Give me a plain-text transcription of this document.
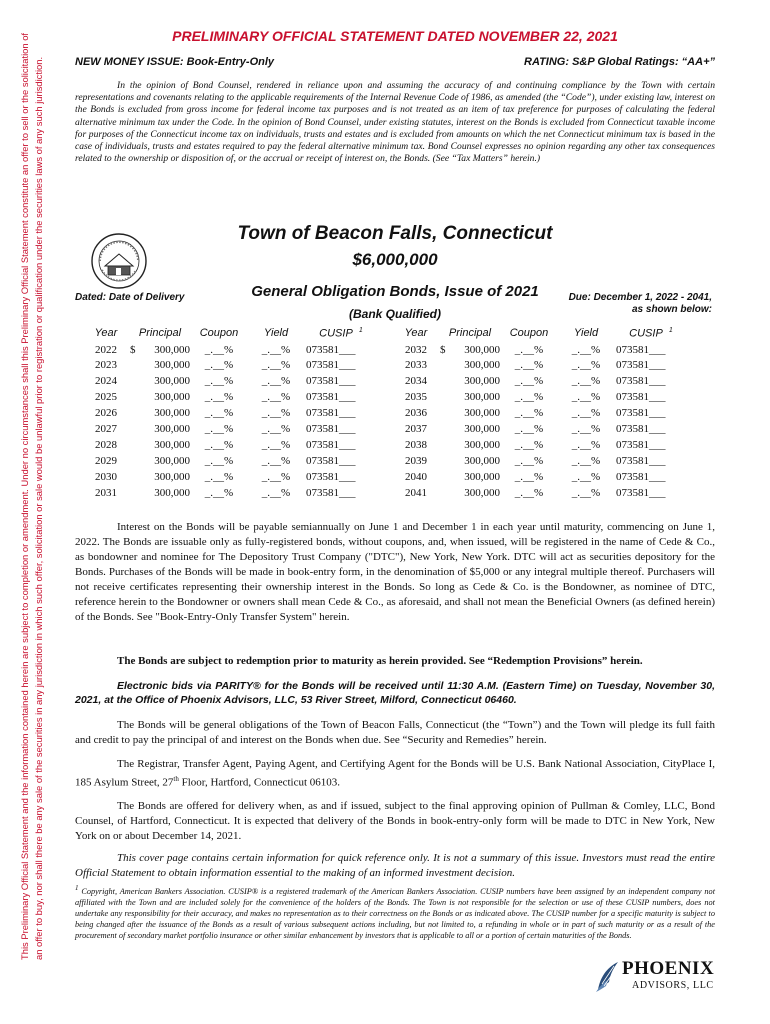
This Preliminary Official Statement and the information contained herein are subject to completion or amendment. Under no circumstances shall this Preliminary Official Statement constitute an offer to sell or the solicitation of an offer to buy, nor shall there be any sale of the securities in any jurisdiction in which such offer, solicitation or sale would be unlawful prior to registration or qualification under the securities laws of any such jurisdiction.
PRELIMINARY OFFICIAL STATEMENT DATED NOVEMBER 22, 2021
NEW MONEY ISSUE: Book-Entry-Only	RATING: S&P Global Ratings: “AA+”
In the opinion of Bond Counsel, rendered in reliance upon and assuming the accuracy of and continuing compliance by the Town with certain representations and covenants relating to the applicable requirements of the Internal Revenue Code of 1986, as amended (the “Code”), under existing law, interest on the Bonds is excluded from gross income for federal income tax purposes and is not treated as an item of tax preference for purposes of calculating the federal alternative minimum tax under the Code. In the opinion of Bond Counsel, under existing statutes, interest on the Bonds is excluded from Connecticut taxable income for purposes of the Connecticut income tax on individuals, trusts and estates and is excluded from amounts on which the net Connecticut minimum tax is based in the case of individuals, trusts and estates required to pay the federal alternative minimum tax. Bond Counsel expresses no opinion regarding any other tax consequences related to the ownership or disposition of, or the accrual or receipt of interest on, the Bonds. (See “Tax Matters” herein.)
Town of Beacon Falls, Connecticut
$6,000,000
General Obligation Bonds, Issue of 2021
(Bank Qualified)
Dated: Date of Delivery	Due: December 1, 2022 - 2041,
as shown below:
Year	Principal		Coupon	Yield	CUSIP $^1$
2022	$	300,000	_.__%	_.__%	073581___
2023		300,000	_.__%	_.__%	073581___
2024		300,000	_.__%	_.__%	073581___
2025		300,000	_.__%	_.__%	073581___
2026		300,000	_.__%	_.__%	073581___
2027		300,000	_.__%	_.__%	073581___
2028		300,000	_.__%	_.__%	073581___
2029		300,000	_.__%	_.__%	073581___
2030		300,000	_.__%	_.__%	073581___
2031		300,000	_.__%	_.__%	073581___
Year	Principal		Coupon	Yield	CUSIP $^1$
2032	$	300,000	_.__%	_.__%	073581___
2033		300,000	_.__%	_.__%	073581___
2034		300,000	_.__%	_.__%	073581___
2035		300,000	_.__%	_.__%	073581___
2036		300,000	_.__%	_.__%	073581___
2037		300,000	_.__%	_.__%	073581___
2038		300,000	_.__%	_.__%	073581___
2039		300,000	_.__%	_.__%	073581___
2040		300,000	_.__%	_.__%	073581___
2041		300,000	_.__%	_.__%	073581___
Interest on the Bonds will be payable semiannually on June 1 and December 1 in each year until maturity, commencing on June 1, 2022. The Bonds are issuable only as fully-registered bonds, without coupons, and, when issued, will be registered in the name of Cede & Co., as bondowner and nominee for The Depository Trust Company ("DTC"), New York, New York. DTC will act as securities depository for the Bonds. Purchases of the Bonds will be made in book-entry form, in the denomination of $5,000 or any integral multiple thereof. Purchasers will not receive certificates representing their ownership interest in the Bonds. So long as Cede & Co. is the Bondowner, as nominee of DTC, reference herein to the Bondowner or owners shall mean Cede & Co., as aforesaid, and shall not mean the Beneficial Owners (as defined herein) of the Bonds. See "Book-Entry-Only Transfer System" herein.
The Bonds are subject to redemption prior to maturity as herein provided. See “Redemption Provisions” herein.
Electronic bids via PARITY® for the Bonds will be received until 11:30 A.M. (Eastern Time) on Tuesday, November 30, 2021, at the Office of Phoenix Advisors, LLC, 53 River Street, Milford, Connecticut 06460.
The Bonds will be general obligations of the Town of Beacon Falls, Connecticut (the “Town”) and the Town will pledge its full faith and credit to pay the principal of and interest on the Bonds when due. See “Security and Remedies” herein.
The Registrar, Transfer Agent, Paying Agent, and Certifying Agent for the Bonds will be U.S. Bank National Association, CityPlace I, 185 Asylum Street, 27th Floor, Hartford, Connecticut 06103.
The Bonds are offered for delivery when, as and if issued, subject to the final approving opinion of Pullman & Comley, LLC, Bond Counsel, of Hartford, Connecticut. It is expected that delivery of the Bonds in book-entry-only form will be made to DTC in New York, New York on or about December 14, 2021.
This cover page contains certain information for quick reference only. It is not a summary of this issue. Investors must read the entire Official Statement to obtain information essential to the making of an informed investment decision.
$^1$ Copyright, American Bankers Association. CUSIP® is a registered trademark of the American Bankers Association. CUSIP numbers have been assigned by an independent company not affiliated with the Town and are included solely for the convenience of the holders of the Bonds. The Town is not responsible for the selection or use of these CUSIP numbers, does not undertake any responsibility for their accuracy, and makes no representation as to their correctness on the Bonds or as indicated above. The CUSIP number for a specific maturity is subject to being changed after the issuance of the Bonds as a result of various subsequent actions including, but not limited to, a refunding in whole or in part of such maturity or as a result of the procurement of secondary market portfolio insurance or other similar enhancement by investors that is applicable to all or a portion of certain maturities of the Bonds.
PHOENIX
ADVISORS, LLC
